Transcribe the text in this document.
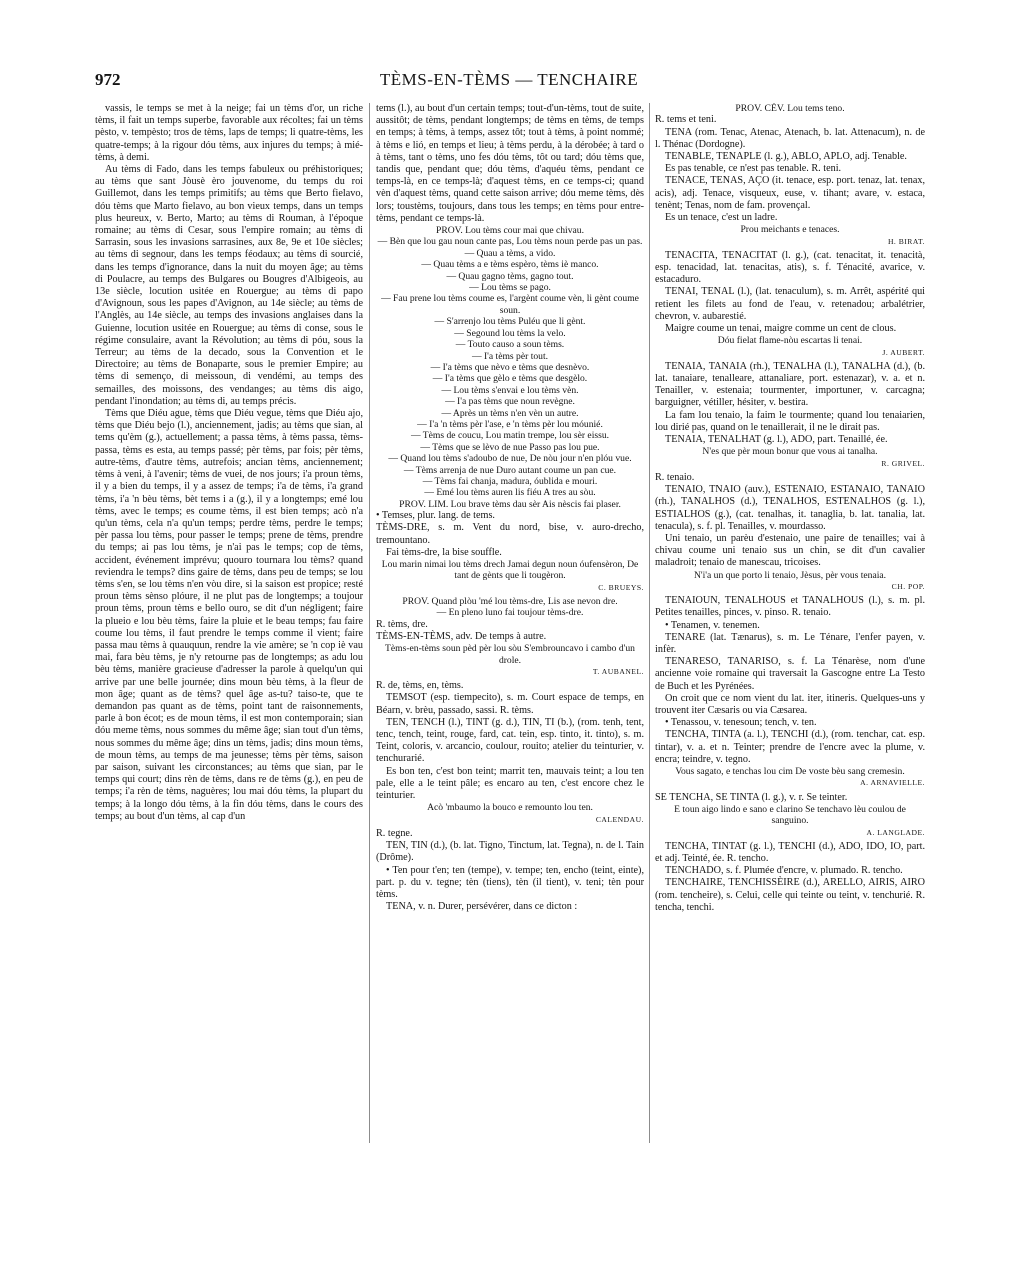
972	TÈMS-EN-TÈMS — TENCHAIRE

vassis, le temps se met à la neige; fai un tèms d'or, un riche tèms, il fait un temps superbe, favorable aux récoltes; fai un tèms pèsto, v. tempèsto; tros de tèms, laps de temps; li quatre-tèms, les quatre-temps; à la rigour dóu tèms, aux injures du temps; à mié-tèms, à demi.

Au tèms di Fado, dans les temps fabuleux ou préhistoriques; au tèms que sant Jòusè èro jouvenome, du temps du roi Guillemot, dans les temps primitifs; au tèms que Berto fielavo, dóu tèms que Marto fielavo, au bon vieux temps, dans un temps plus heureux, v. Berto, Marto; au tèms di Rouman, à l'époque romaine; au tèms di Cesar, sous l'empire romain; au tèms di Sarrasin, sous les invasions sarrasines, aux 8e, 9e et 10e siècles; au tèms di segnour, dans les temps féodaux; au tèms di sourcié, dans les temps d'ignorance, dans la nuit du moyen âge; au tèms di Poulacre, au temps des Bulgares ou Bougres d'Albigeois, au 13e siècle, locution usitée en Rouergue; au tèms di papo d'Avignoun, sous les papes d'Avignon, au 14e siècle; au tèms de l'Anglès, au 14e siècle, au temps des invasions anglaises dans la Guienne, locution usitée en Rouergue; au tèms di conse, sous le régime consulaire, avant la Révolution; au tèms di póu, sous la Terreur; au tèms de la decado, sous la Convention et le Directoire; au tèms de Bonaparte, sous le premier Empire; au tèms di semenço, di meissoun, di vendémi, au temps des semailles, des moissons, des vendanges; au tèms dis aigo, pendant l'inondation; au tèms di, au temps précis.

Tèms que Diéu ague, tèms que Diéu vegue, tèms que Diéu ajo, tèms que Diéu bejo (l.), anciennement, jadis; au tèms que sian, al tems qu'èm (g.), actuellement; a passa tèms, à tèms passa, tèms-passa, tèms es esta, au temps passé; pèr tèms, par fois; pèr tèms, autre-tèms, d'autre tèms, autrefois; ancian tèms, anciennement; tèms à veni, à l'avenir; tèms de vuei, de nos jours; i'a proun tèms, il y a bien du temps, il y a assez de temps; i'a de tèms, i'a grand tèms, i'a 'n bèu tèms, bèt tems i a (g.), il y a longtemps; emé lou tèms, avec le temps; es coume tèms, il est bien temps; acò n'a qu'un tèms, cela n'a qu'un temps; perdre tèms, perdre le temps; pèr passa lou tèms, pour passer le temps; prene de tèms, prendre du temps; ai pas lou tèms, je n'ai pas le temps; cop de tèms, accident, événement imprévu; quouro tournara lou tèms? quand reviendra le temps? dins gaire de tèms, dans peu de temps; se lou tèms s'en, se lou tèms n'en vòu dire, si la saison est propice; resté proun tèms sènso plóure, il ne plut pas de longtemps; a toujour proun tèms, proun tèms e bello ouro, se dit d'un négligent; faire la plueio e lou bèu tèms, faire la pluie et le beau temps; fau faire coume lou tèms, il faut prendre le temps comme il vient; faire passa mau tèms à quauquun, rendre la vie amère; se 'n cop iè vau mai, fara bèu tèms, je n'y retourne pas de longtemps; as adu lou bèu tèms, manière gracieuse d'adresser la parole à quelqu'un qui arrive par une belle journée; dins moun bèu tèms, à la fleur de mon âge; quant as de tèms? quel âge as-tu? taiso-te, que te demandon pas quant as de tèms, point tant de raisonnements, parle à bon écot; es de moun tèms, il est mon contemporain; sian dóu meme tèms, nous sommes du même âge; sian tout d'un tèms, nous sommes du même âge; dins un tèms, jadis; dins moun tèms, de moun tèms, au temps de ma jeunesse; tèms pèr tèms, saison par saison, suivant les circonstances; au tèms que sian, par le temps qui court; dins rèn de tèms, dans re de tèms (g.), en peu de temps; i'a rèn de tèms, naguères; lou mai dóu tèms, la plupart du temps; à la longo dóu tèms, à la fin dóu tèms, dans le cours des temps; au bout d'un tèms, al cap d'un

tems (l.), au bout d'un certain temps; tout-d'un-tèms, tout de suite, aussitôt; de tèms, pendant longtemps; de tèms en tèms, de temps en temps; à tèms, à temps, assez tôt; tout à tèms, à point nommé; à tèms e lió, en temps et lieu; à tèms perdu, à la dérobée; à tard o à tèms, tant o tèms, uno fes dóu tèms, tôt ou tard; dóu tèms que, tandis que, pendant que; dóu tèms, d'aquéu tèms, pendant ce temps-là, en ce temps-là; d'aquest tèms, en ce temps-ci; quand vèn d'aquest tèms, quand cette saison arrive; dóu meme tèms, dès lors; toustèms, toujours, dans tous les temps; en tèms pour entre-tèms, pendant ce temps-là.

PROV. Lou tèms cour mai que chivau.

— Bèn que lou gau noun cante pas, Lou tèms noun perde pas un pas.

— Quau a tèms, a vido.

— Quau tèms a e tèms espèro, tèms iè manco.

— Quau gagno tèms, gagno tout.

— Lou tèms se pago.

— Fau prene lou tèms coume es, l'argènt coume vèn, li gènt coume soun.

— S'arrenjo lou tèms Puléu que li gènt.

— Segound lou tèms la velo.

— Touto causo a soun tèms.

— I'a tèms pèr tout.

— I'a tèms que nèvo e tèms que desnèvo.

— I'a tèms que gèlo e tèms que desgèlo.

— Lou tèms s'envai e lou tèms vèn.

— I'a pas tèms que noun revègne.

— Après un tèms n'en vèn un autre.

— I'a 'n tèms pèr l'ase, e 'n tèms pèr lou móunié.

— Tèms de coucu, Lou matin trempe, lou sèr eissu.

— Tèms que se lèvo de nue Passo pas lou pue.

— Quand lou tèms s'adoubo de nue, De nòu jour n'en plóu vue.

— Tèms arrenja de nue Duro autant coume un pan cue.

— Tèms fai chanja, madura, óublida e mouri.

— Emé lou tèms auren lis fiéu A tres au sòu.

PROV. LIM. Lou brave tèms dau sèr Ais nèscis fai plaser.

• Temses, plur. lang. de tems.

TÈMS-DRE, s. m. Vent du nord, bise, v. auro-drecho, tremountano.

Fai tèms-dre, la bise souffle.

Lou marin nimai lou tèms drech Jamai degun noun óufensèron, De tant de gènts que li tougèron.

C. BRUEYS.

PROV. Quand plòu 'mé lou tèms-dre, Lis ase nevon dre.

— En pleno luno fai toujour tèms-dre.

R. tèms, dre.

TÈMS-EN-TÈMS, adv. De temps à autre.

Tèms-en-tèms soun pèd pèr lou sòu S'embrouncavo i cambo d'un drole.

T. AUBANEL.

R. de, tèms, en, tèms.

TEMSOT (esp. tiempecito), s. m. Court espace de temps, en Béarn, v. brèu, passado, sassi. R. tèms.

TEN, TENCH (l.), TINT (g. d.), TIN, TI (b.), (rom. tenh, tent, tenc, tench, teint, rouge, fard, cat. tein, esp. tinto, it. tinto), s. m. Teint, coloris, v. arcancio, coulour, rouito; atelier du teinturier, v. tenchurarié.

Es bon ten, c'est bon teint; marrit ten, mauvais teint; a lou ten pale, elle a le teint pâle; es encaro au ten, c'est encore chez le teinturier.

Acò 'mbaumo la bouco e remounto lou ten.

CALENDAU.

R. tegne.

TEN, TIN (d.), (b. lat. Tigno, Tinctum, lat. Tegna), n. de l. Tain (Drôme).

• Ten pour t'en; ten (tempe), v. tempe; ten, encho (teint, einte), part. p. du v. tegne; tèn (tiens), tèn (il tient), v. teni; tèn pour tèms.

TENA, v. n. Durer, persévérer, dans ce dicton :

PROV. CÉV. Lou tems teno.

R. tems et teni.

TENA (rom. Tenac, Atenac, Atenach, b. lat. Attenacum), n. de l. Thénac (Dordogne).

TENABLE, TENAPLE (l. g.), ABLO, APLO, adj. Tenable.

Es pas tenable, ce n'est pas tenable. R. teni.

TENACE, TENAS, AÇO (it. tenace, esp. port. tenaz, lat. tenax, acis), adj. Tenace, visqueux, euse, v. tihant; avare, v. estaca, tenènt; Tenas, nom de fam. provençal.

Es un tenace, c'est un ladre.

Prou meichants e tenaces.

H. BIRAT.

TENACITA, TENACITAT (l. g.), (cat. tenacitat, it. tenacità, esp. tenacidad, lat. tenacitas, atis), s. f. Ténacité, avarice, v. estacaduro.

TENAI, TENAL (l.), (lat. tenaculum), s. m. Arrêt, aspérité qui retient les filets au fond de l'eau, v. retenadou; arbalétrier, chevron, v. aubarestié.

Maigre coume un tenai, maigre comme un cent de clous.

Dóu fielat flame-nòu escartas li tenai.

J. AUBERT.

TENAIA, TANAIA (rh.), TENALHA (l.), TANALHA (d.), (b. lat. tanaiare, tenalleare, attanaliare, port. estenazar), v. a. et n. Tenailler, v. estenaia; tourmenter, importuner, v. carcagna; barguigner, vétiller, hésiter, v. bestira.

La fam lou tenaio, la faim le tourmente; quand lou tenaiarien, lou dirié pas, quand on le tenaillerait, il ne le dirait pas.

TENAIA, TENALHAT (g. l.), ADO, part. Tenaillé, ée.

N'es que pèr moun bonur que vous ai tanalha.

R. GRIVEL.

R. tenaio.

TENAIO, TNAIO (auv.), ESTENAIO, ESTANAIO, TANAIO (rh.), TANALHOS (d.), TENALHOS, ESTENALHOS (g. l.), ESTIALHOS (g.), (cat. tenalhas, it. tanaglia, b. lat. tanalia, lat. tenacula), s. f. pl. Tenailles, v. mourdasso.

Uni tenaio, un parèu d'estenaio, une paire de tenailles; vai à chivau coume uni tenaio sus un chin, se dit d'un cavalier maladroit; tenaio de manescau, tricoises.

N'i'a un que porto li tenaio, Jèsus, pèr vous tenaia.

CH. POP.

TENAIOUN, TENALHOUS et TANALHOUS (l.), s. m. pl. Petites tenailles, pinces, v. pinso. R. tenaio.

• Tenamen, v. tenemen.

TENARE (lat. Tænarus), s. m. Le Ténare, l'enfer payen, v. infèr.

TENARESO, TANARISO, s. f. La Ténarèse, nom d'une ancienne voie romaine qui traversait la Gascogne entre La Testo de Buch et les Pyrénées.

On croit que ce nom vient du lat. iter, itineris. Quelques-uns y trouvent iter Cæsaris ou via Cæsarea.

• Tenassou, v. tenesoun; tench, v. ten.

TENCHA, TINTA (a. l.), TENCHI (d.), (rom. tenchar, cat. esp. tintar), v. a. et n. Teinter; prendre de l'encre avec la plume, v. encra; teindre, v. tegno.

Vous sagato, e tenchas lou cim De voste bèu sang cremesin.

A. ARNAVIELLE.

SE TENCHA, SE TINTA (l. g.), v. r. Se teinter.

E toun aigo lindo e sano e clarino Se tenchavo lèu coulou de sanguino.

A. LANGLADE.

TENCHA, TINTAT (g. l.), TENCHI (d.), ADO, IDO, IO, part. et adj. Teinté, ée. R. tencho.

TENCHADO, s. f. Plumée d'encre, v. plumado. R. tencho.

TENCHAIRE, TENCHISSÈIRE (d.), ARELLO, AIRIS, AIRO (rom. tencheire), s. Celui, celle qui teinte ou teint, v. tenchurié. R. tencha, tenchi.
